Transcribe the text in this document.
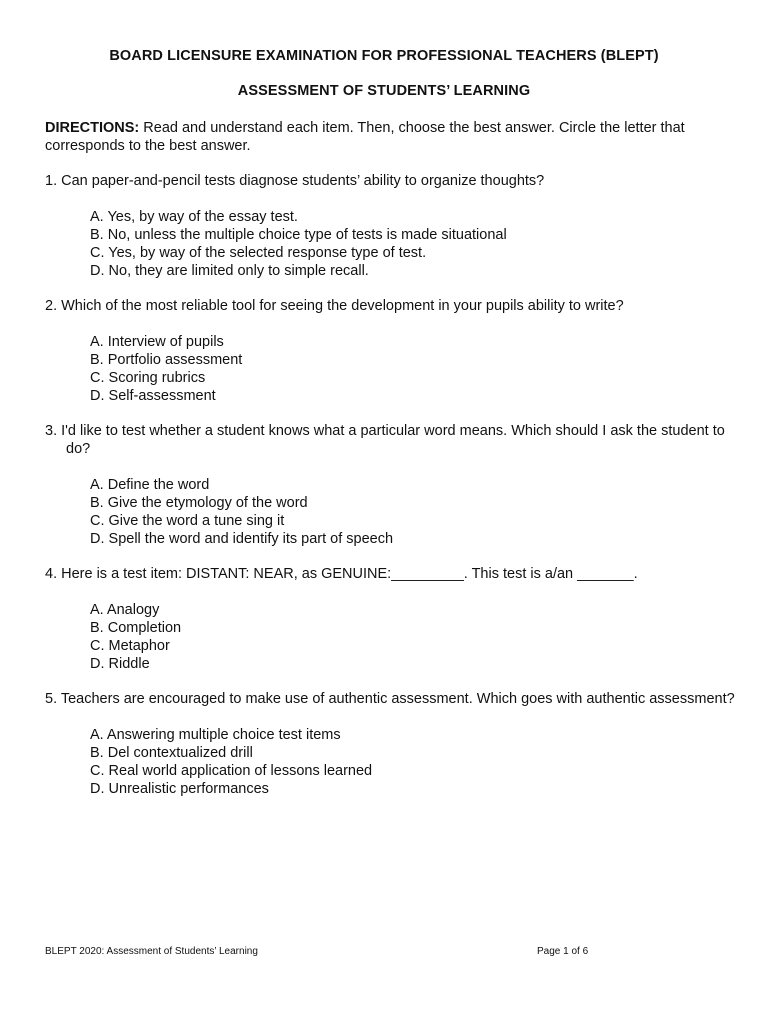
BOARD LICENSURE EXAMINATION FOR PROFESSIONAL TEACHERS (BLEPT)
ASSESSMENT OF STUDENTS’ LEARNING
DIRECTIONS: Read and understand each item. Then, choose the best answer. Circle the letter that corresponds to the best answer.
1. Can paper-and-pencil tests diagnose students’ ability to organize thoughts?
A. Yes, by way of the essay test.
B. No, unless the multiple choice type of tests is made situational
C. Yes, by way of the selected response type of test.
D. No, they are limited only to simple recall.
2. Which of the most reliable tool for seeing the development in your pupils ability to write?
A. Interview of pupils
B. Portfolio assessment
C. Scoring rubrics
D. Self-assessment
3. I'd like to test whether a student knows what a particular word means. Which should I ask the student to do?
A. Define the word
B. Give the etymology of the word
C. Give the word a tune sing it
D. Spell the word and identify its part of speech
4. Here is a test item: DISTANT: NEAR, as GENUINE:_________. This test is a/an _______.
A. Analogy
B. Completion
C. Metaphor
D. Riddle
5. Teachers are encouraged to make use of authentic assessment. Which goes with authentic assessment?
A. Answering multiple choice test items
B. Del contextualized drill
C. Real world application of lessons learned
D. Unrealistic performances
BLEPT 2020: Assessment of Students’ Learning	Page 1 of 6
